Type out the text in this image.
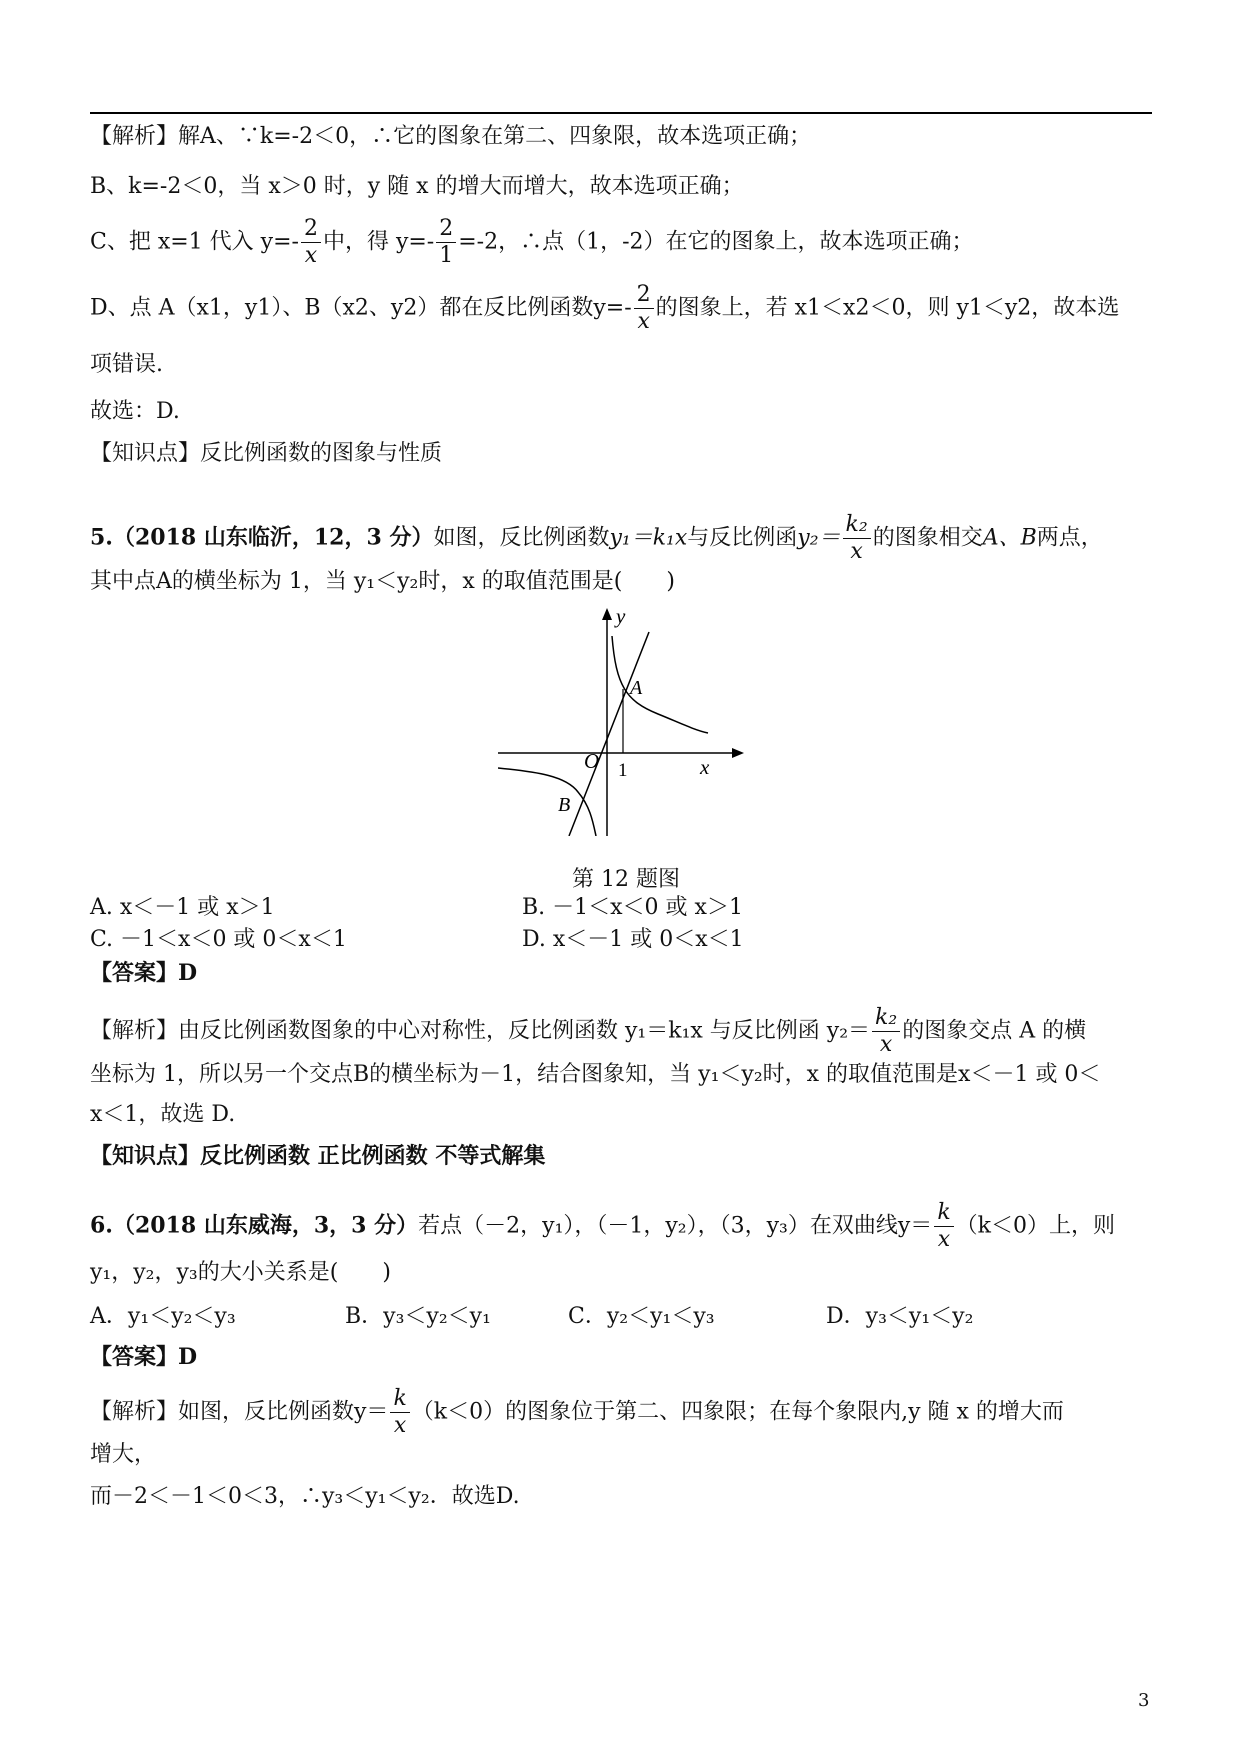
【解析】解A、∵k=-2＜0，∴它的图象在第二、四象限，故本选项正确；
B、k=-2＜0，当 x＞0 时，y 随 x 的增大而增大，故本选项正确；
C、把 x=1 代入 $y=- \frac{2}{x}$ 中，得 $y=- \frac{2}{1} =-2$，∴点（1，-2）在它的图象上，故本选项正确；
D、点 A（x1，y1）、B（x2、y2）都在反比例函数$y=- \frac{2}{x}$ 的图象上，若 x1＜x2＜0，则 y1＜y2，故本选
项错误.
故选：D.
【知识点】反比例函数的图象与性质
5.（2018 山东临沂，12，3 分）如图，反比例函数y₁＝k₁x与反比例函$y_2= \frac{\text{k₂}}{x}$ 的图象相交A、B两点，
其中点A的横坐标为 1，当 y₁＜y₂时，x 的取值范围是(　　)
O 1	x
y
A
B
第 12 题图
A. x＜－1 或 x＞1	B. －1＜x＜0 或 x＞1
C. －1＜x＜0 或 0＜x＜1	D. x＜－1 或 0＜x＜1
【答案】D
【解析】由反比例函数图象的中心对称性，反比例函数 y₁＝k₁x 与反比例函 $y_2= \frac{\text{k₂}}{x}$ 的图象交点 A 的横
坐标为 1，所以另一个交点B的横坐标为－1，结合图象知，当 y₁＜y₂时，x 的取值范围是x＜－1 或 0＜
x＜1，故选 D.
【知识点】反比例函数 正比例函数 不等式解集
6.（2018 山东威海，3，3 分）若点（－2，y₁），（－1，y₂），（3，y₃）在双曲线$y= \frac{k}{x} (k<0)$上，则
y₁，y₂，y₃的大小关系是(　　)
A．y₁＜y₂＜y₃	B．y₃＜y₂＜y₁	C．y₂＜y₁＜y₃	D．y₃＜y₁＜y₂
【答案】D
【解析】如图，反比例函数$y= \frac{k}{x} (k<0)$的图象位于第二、四象限；在每个象限内,y 随 x 的增大而
增大，
而－2＜－1＜0＜3，∴y₃＜y₁＜y₂．故选D.
3
